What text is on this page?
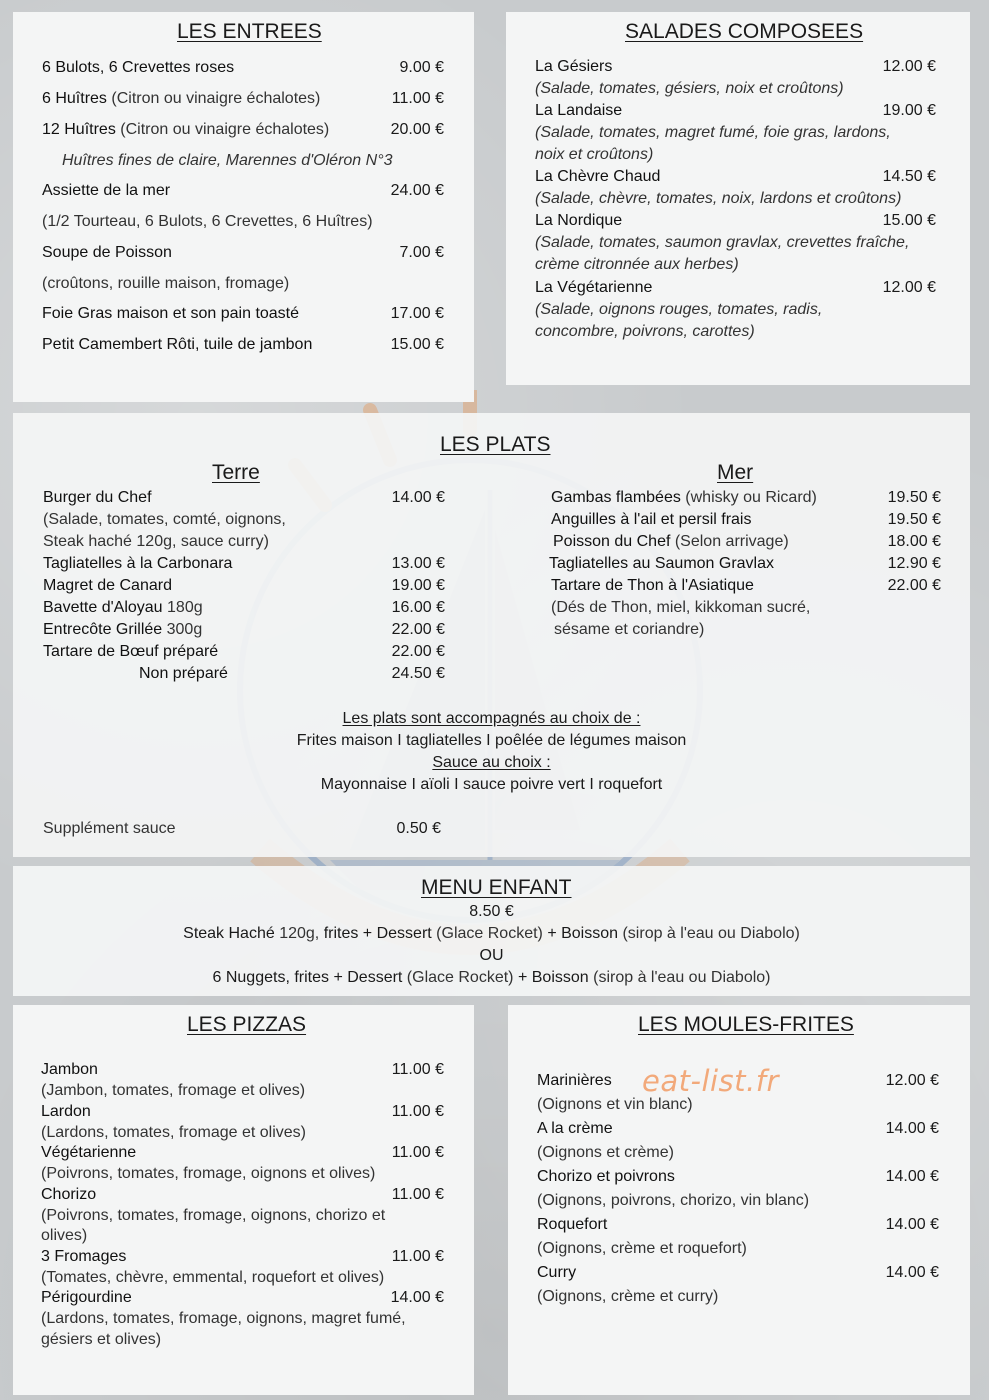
LES ENTREES
6 Bulots, 6 Crevettes roses	9.00 €
6 Huîtres (Citron ou vinaigre échalotes)	11.00 €
12 Huîtres (Citron ou vinaigre échalotes)	20.00 €
Huîtres fines de claire, Marennes d'Oléron N°3
Assiette de la mer	24.00 €
(1/2 Tourteau, 6 Bulots, 6 Crevettes, 6 Huîtres)
Soupe de Poisson	7.00 €
(croûtons, rouille maison, fromage)
Foie Gras maison et son pain toasté	17.00 €
Petit Camembert Rôti, tuile de jambon	15.00 €
SALADES COMPOSEES
La Gésiers	12.00 €
(Salade, tomates, gésiers, noix et croûtons)
La Landaise	19.00 €
(Salade, tomates, magret fumé, foie gras, lardons,
noix et croûtons)
La Chèvre Chaud	14.50 €
(Salade, chèvre, tomates, noix, lardons et croûtons)
La Nordique	15.00 €
(Salade, tomates, saumon gravlax, crevettes fraîche,
crème citronnée aux herbes)
La Végétarienne	12.00 €
(Salade, oignons rouges, tomates, radis,
concombre, poivrons, carottes)
LES PLATS
Terre	Mer
Burger du Chef	14.00 €
(Salade, tomates, comté, oignons,
Steak haché 120g, sauce curry)
Tagliatelles à la Carbonara	13.00 €
Magret de Canard	19.00 €
Bavette d'Aloyau 180g	16.00 €
Entrecôte Grillée 300g	22.00 €
Tartare de Bœuf préparé	22.00 €
Non préparé	24.50 €
Gambas flambées (whisky ou Ricard)	19.50 €
Anguilles à l'ail et persil frais	19.50 €
Poisson du Chef (Selon arrivage)	18.00 €
Tagliatelles au Saumon Gravlax	12.90 €
Tartare de Thon à l'Asiatique	22.00 €
(Dés de Thon, miel, kikkoman sucré,
sésame et coriandre)
Les plats sont accompagnés au choix de :
Frites maison I tagliatelles I poêlée de légumes maison
Sauce au choix :
Mayonnaise I aïoli I sauce poivre vert I roquefort
Supplément sauce	0.50 €
MENU ENFANT
8.50 €
Steak Haché 120g, frites + Dessert (Glace Rocket) + Boisson (sirop à l'eau ou Diabolo)
OU
6 Nuggets, frites + Dessert (Glace Rocket) + Boisson (sirop à l'eau ou Diabolo)
LES PIZZAS
Jambon	11.00 €
(Jambon, tomates, fromage et olives)
Lardon	11.00 €
(Lardons, tomates, fromage et olives)
Végétarienne	11.00 €
(Poivrons, tomates, fromage, oignons et olives)
Chorizo	11.00 €
(Poivrons, tomates, fromage, oignons, chorizo et
olives)
3 Fromages	11.00 €
(Tomates, chèvre, emmental, roquefort et olives)
Périgourdine	14.00 €
(Lardons, tomates, fromage, oignons, magret fumé,
gésiers et olives)
LES MOULES-FRITES
Marinières	12.00 €
(Oignons et vin blanc)
A la crème	14.00 €
(Oignons et crème)
Chorizo et poivrons	14.00 €
(Oignons, poivrons, chorizo, vin blanc)
Roquefort	14.00 €
(Oignons, crème et roquefort)
Curry	14.00 €
(Oignons, crème et curry)
eat-list.fr
